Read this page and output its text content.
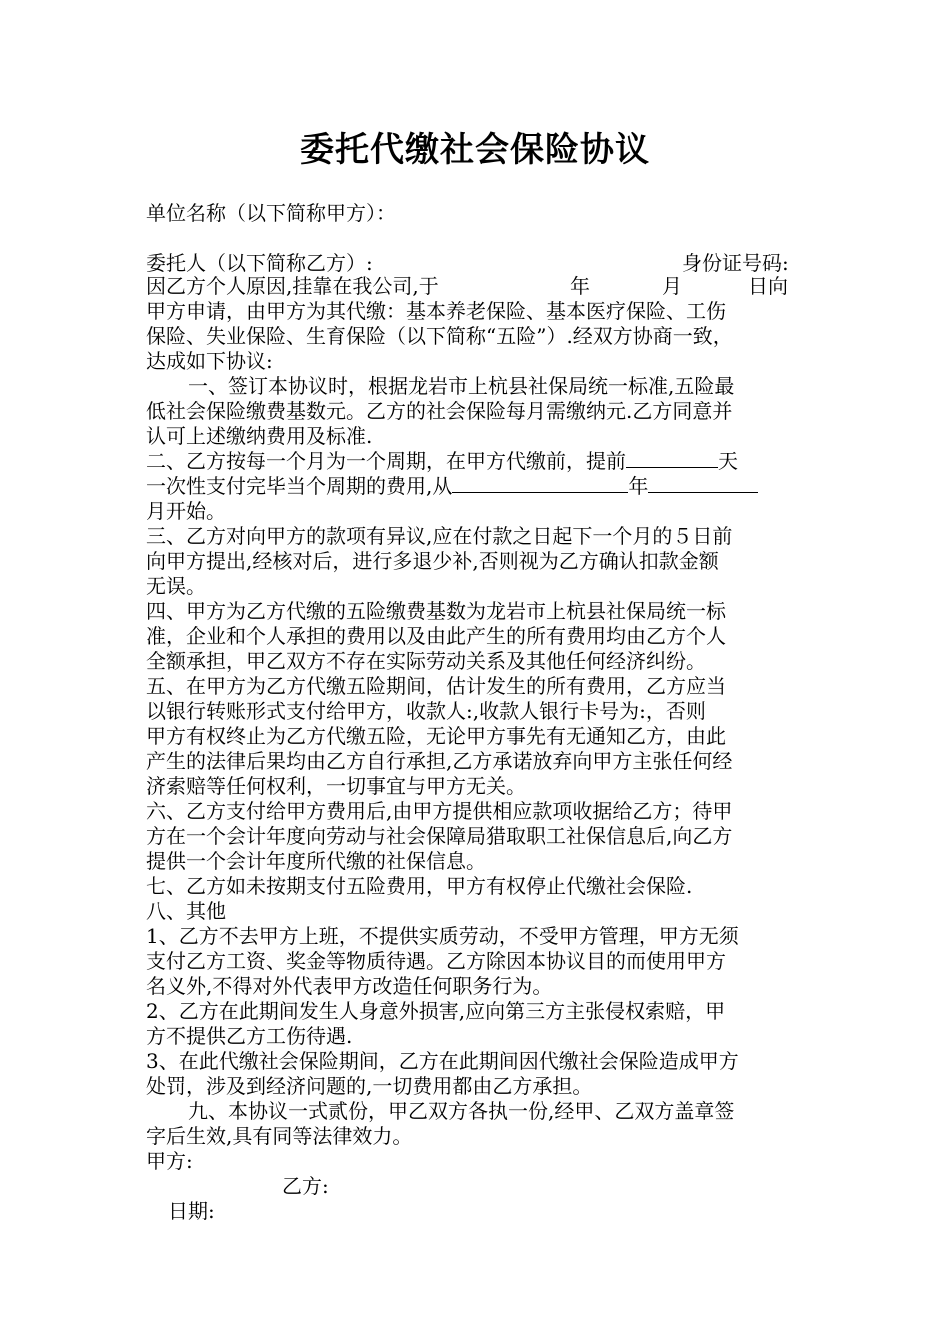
委托代缴社会保险协议
单位名称（以下简称甲方）：
委托人（以下简称乙方）:	身份证号码:
因乙方个人原因,挂靠在我公司,于	年	月	日向
甲方申请，由甲方为其代缴：基本养老保险、基本医疗保险、工伤
保险、失业保险、生育保险（以下简称“五险”）.经双方协商一致，
达成如下协议:
一、签订本协议时，根据龙岩市上杭县社保局统一标准,五险最
低社会保险缴费基数元。乙方的社会保险每月需缴纳元.乙方同意并
认可上述缴纳费用及标准.
二、乙方按每一个月为一个周期，在甲方代缴前，提前	天
一次性支付完毕当个周期的费用,从	年
月开始。
三、乙方对向甲方的款项有异议,应在付款之日起下一个月的５日前
向甲方提出,经核对后，进行多退少补,否则视为乙方确认扣款金额
无误。
四、甲方为乙方代缴的五险缴费基数为龙岩市上杭县社保局统一标
准，企业和个人承担的费用以及由此产生的所有费用均由乙方个人
全额承担，甲乙双方不存在实际劳动关系及其他任何经济纠纷。
五、在甲方为乙方代缴五险期间，估计发生的所有费用，乙方应当
以银行转账形式支付给甲方，收款人:,收款人银行卡号为:，否则
甲方有权终止为乙方代缴五险，无论甲方事先有无通知乙方，由此
产生的法律后果均由乙方自行承担,乙方承诺放弃向甲方主张任何经
济索赔等任何权利，一切事宜与甲方无关。
六、乙方支付给甲方费用后,由甲方提供相应款项收据给乙方；待甲
方在一个会计年度向劳动与社会保障局猎取职工社保信息后,向乙方
提供一个会计年度所代缴的社保信息。
七、乙方如未按期支付五险费用，甲方有权停止代缴社会保险.
八、其他
1、乙方不去甲方上班，不提供实质劳动，不受甲方管理，甲方无须
支付乙方工资、奖金等物质待遇。乙方除因本协议目的而使用甲方
名义外,不得对外代表甲方改造任何职务行为。
2、乙方在此期间发生人身意外损害,应向第三方主张侵权索赔，甲
方不提供乙方工伤待遇.
3、在此代缴社会保险期间，乙方在此期间因代缴社会保险造成甲方
处罚，涉及到经济问题的,一切费用都由乙方承担。
九、本协议一式贰份，甲乙双方各执一份,经甲、乙双方盖章签
字后生效,具有同等法律效力。
甲方:
乙方:
日期:
